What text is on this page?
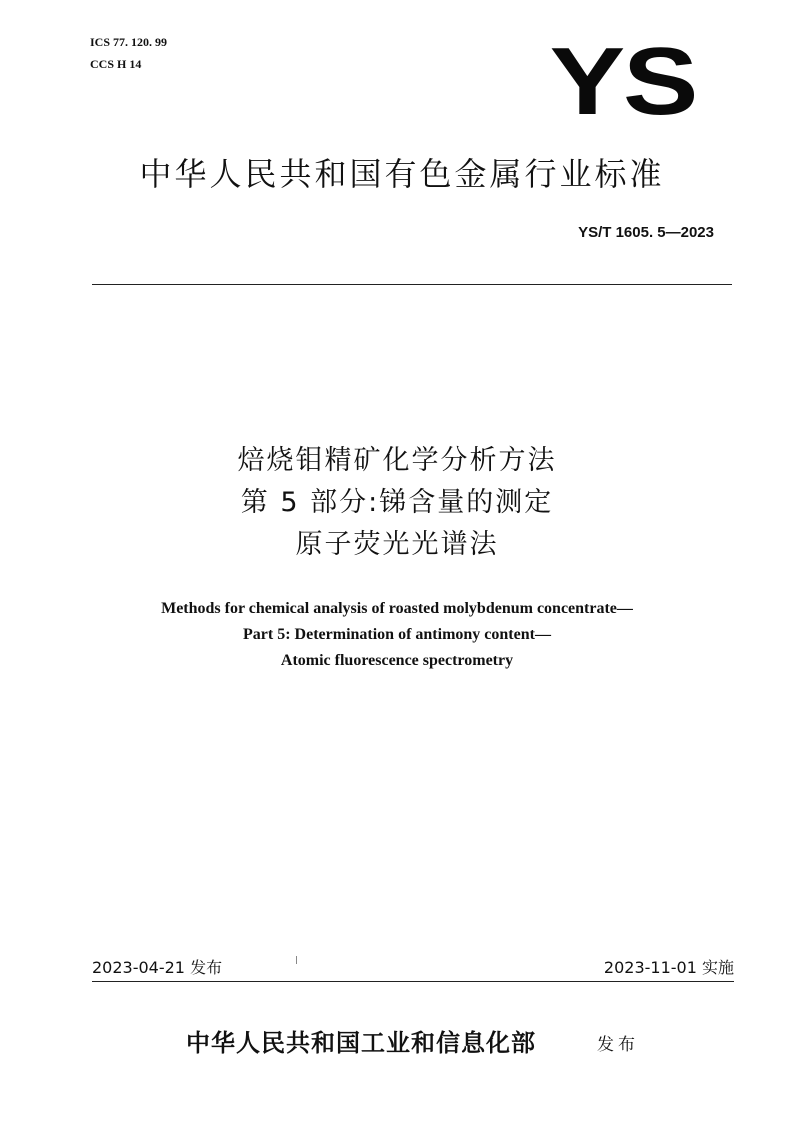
ICS 77. 120. 99
CCS H 14	YS
中华人民共和国有色金属行业标准
YS/T 1605. 5—2023
焙烧钼精矿化学分析方法
第 5 部分:锑含量的测定
原子荧光光谱法
Methods for chemical analysis of roasted molybdenum concentrate—
Part 5: Determination of antimony content—
Atomic fluorescence spectrometry
2023-04-21 发布	2023-11-01 实施
中华人民共和国工业和信息化部	发布
